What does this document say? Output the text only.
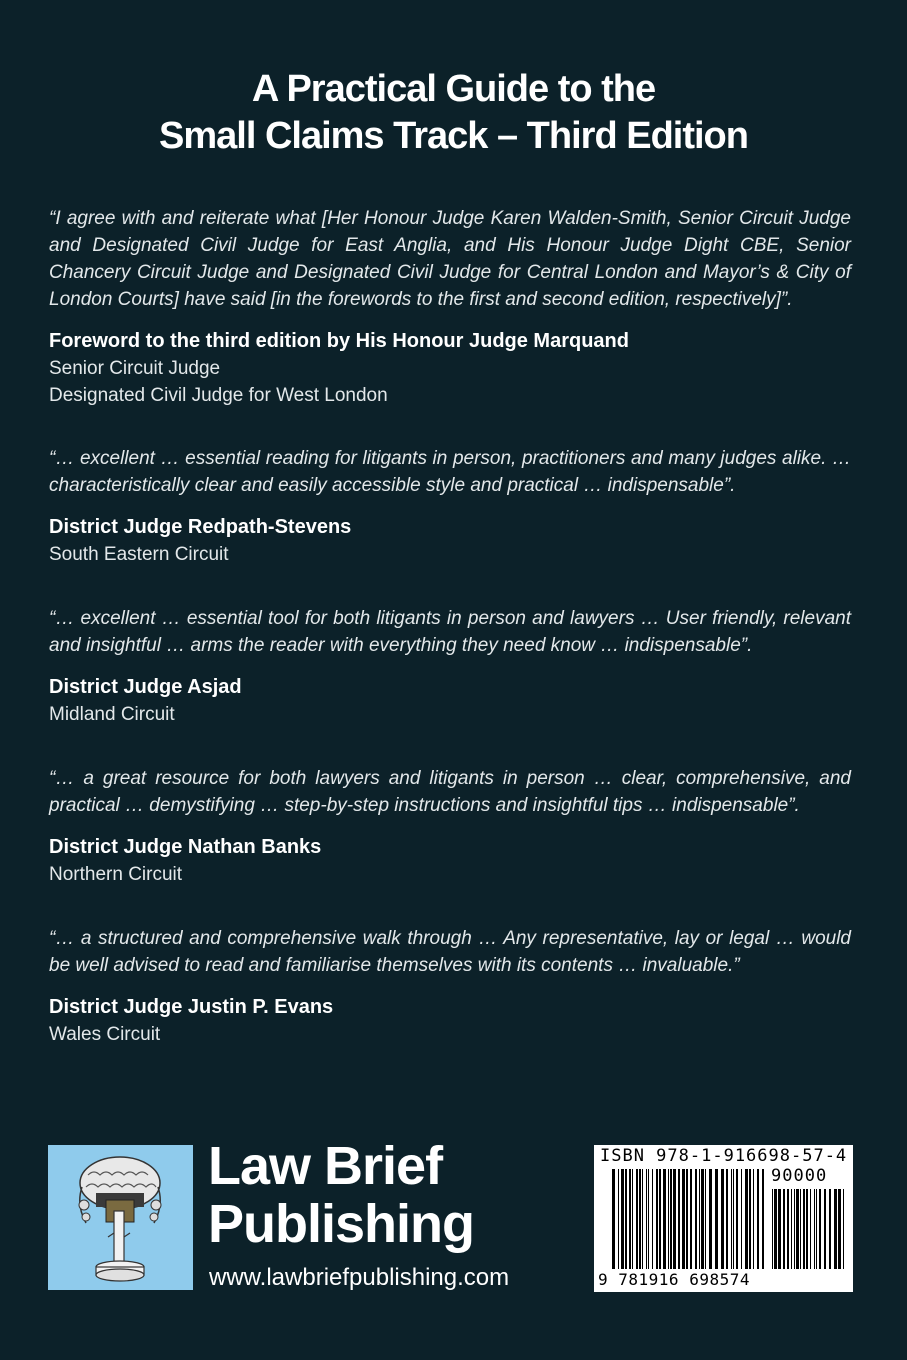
A Practical Guide to the
Small Claims Track – Third Edition
“I agree with and reiterate what [Her Honour Judge Karen Walden-Smith, Senior Circuit Judge and Designated Civil Judge for East Anglia, and His Honour Judge Dight CBE, Senior Chancery Circuit Judge and Designated Civil Judge for Central London and Mayor’s & City of London Courts] have said [in the forewords to the first and second edition, respectively]”.
Foreword to the third edition by His Honour Judge Marquand
Senior Circuit Judge
Designated Civil Judge for West London
“… excellent … essential reading for litigants in person, practitioners and many judges alike. … characteristically clear and easily accessible style and practical … indispensable”.
District Judge Redpath-Stevens
South Eastern Circuit
“… excellent … essential tool for both litigants in person and lawyers … User friendly, relevant and insightful … arms the reader with everything they need know … indispensable”.
District Judge Asjad
Midland Circuit
“… a great resource for both lawyers and litigants in person … clear, comprehensive, and practical … demystifying … step-by-step instructions and insightful tips … indispensable”.
District Judge Nathan Banks
Northern Circuit
“… a structured and comprehensive walk through … Any representative, lay or legal … would be well advised to read and familiarise themselves with its contents … invaluable.”
District Judge Justin P. Evans
Wales Circuit
Law Brief
Publishing
www.lawbriefpublishing.com
ISBN 978-1-916698-57-4
90000
9 781916 698574
